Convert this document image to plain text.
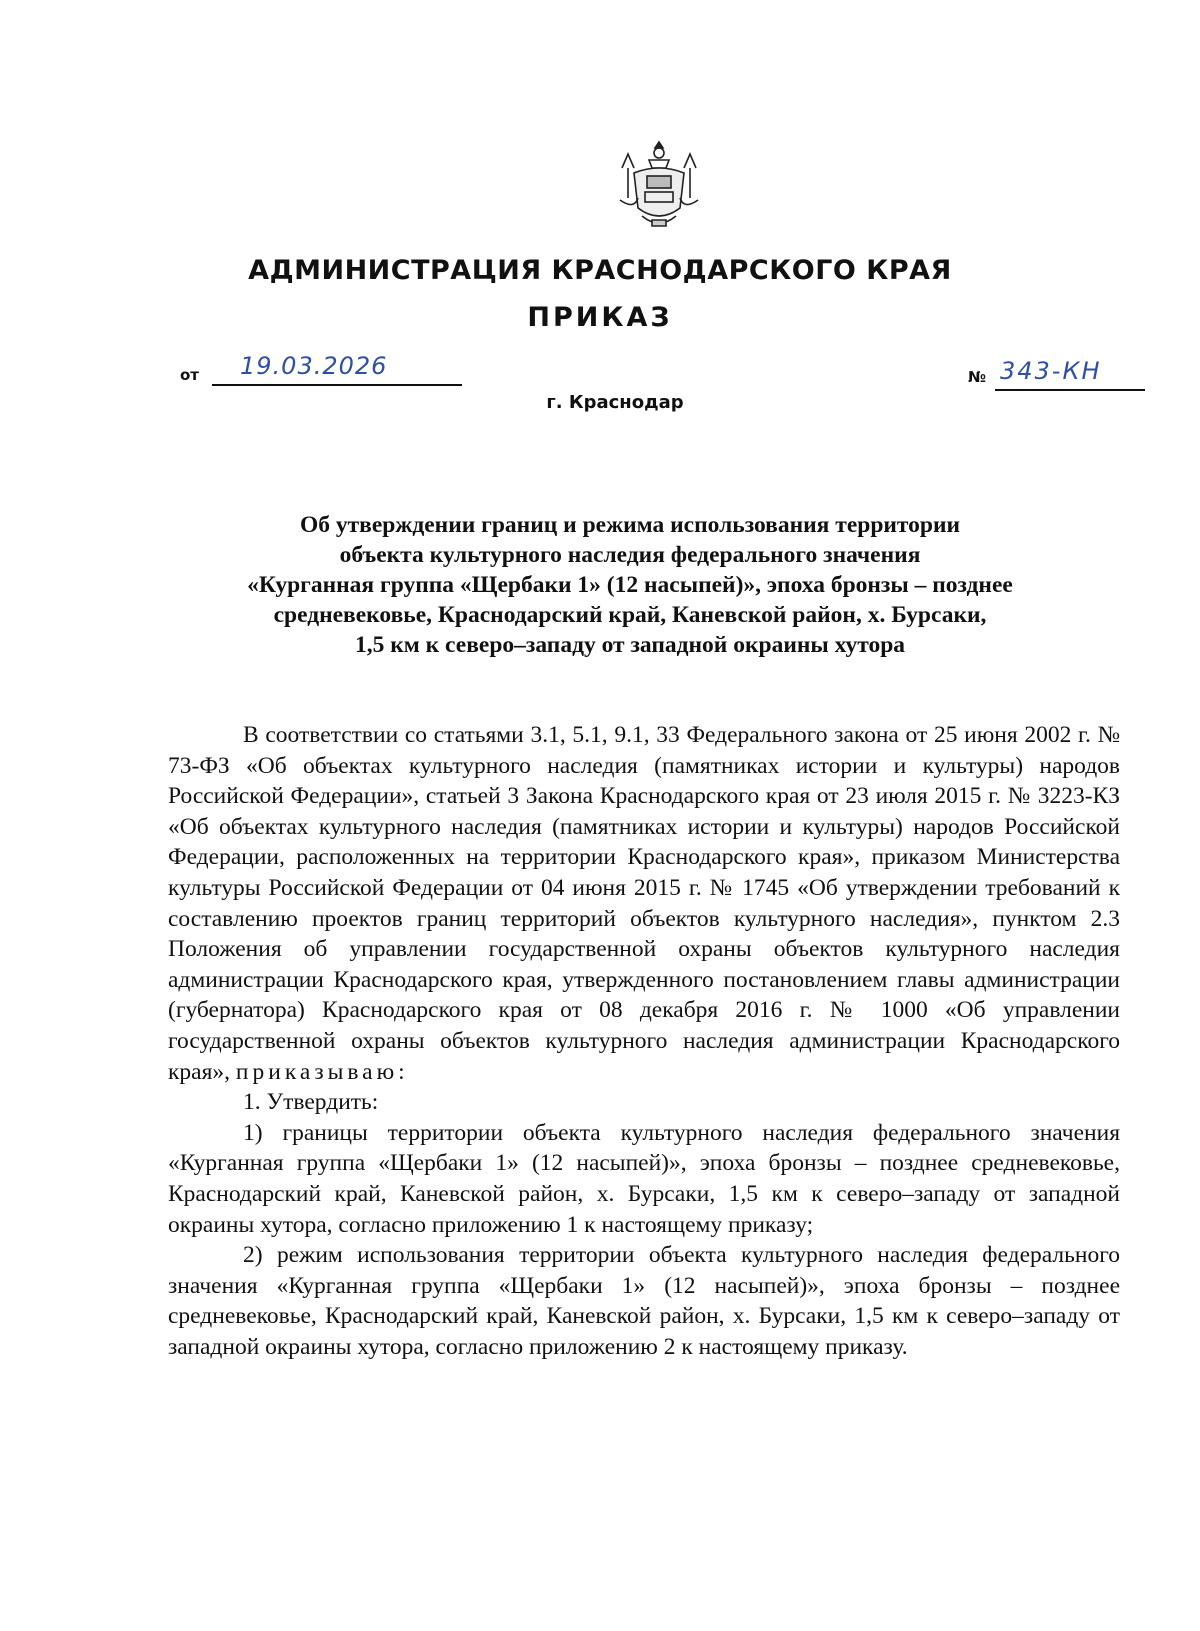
АДМИНИСТРАЦИЯ КРАСНОДАРСКОГО КРАЯ
ПРИКАЗ
от 19.03.2026
г. Краснодар
№ 343-КН
Об утверждении границ и режима использования территории
объекта культурного наследия федерального значения
«Курганная группа «Щербаки 1» (12 насыпей)», эпоха бронзы – позднее
средневековье, Краснодарский край, Каневской район, х. Бурсаки,
1,5 км к северо–западу от западной окраины хутора

В соответствии со статьями 3.1, 5.1, 9.1, 33 Федерального закона от 25 июня 2002 г. № 73-ФЗ «Об объектах культурного наследия (памятниках истории и культуры) народов Российской Федерации», статьей 3 Закона Краснодарского края от 23 июля 2015 г. № 3223-КЗ «Об объектах культурного наследия (памятниках истории и культуры) народов Российской Федерации, расположенных на территории Краснодарского края», приказом Министерства культуры Российской Федерации от 04 июня 2015 г. № 1745 «Об утверждении требований к составлению проектов границ территорий объектов культурного наследия», пунктом 2.3 Положения об управлении государственной охраны объектов культурного наследия администрации Краснодарского края, утвержденного постановлением главы администрации (губернатора) Краснодарского края от 08 декабря 2016 г. № 1000 «Об управлении государственной охраны объектов культурного наследия администрации Краснодарского края», приказываю:

1. Утвердить:

1) границы территории объекта культурного наследия федерального значения «Курганная группа «Щербаки 1» (12 насыпей)», эпоха бронзы – позднее средневековье, Краснодарский край, Каневской район, х. Бурсаки, 1,5 км к северо–западу от западной окраины хутора, согласно приложению 1 к настоящему приказу;

2) режим использования территории объекта культурного наследия федерального значения «Курганная группа «Щербаки 1» (12 насыпей)», эпоха бронзы – позднее средневековье, Краснодарский край, Каневской район, х. Бурсаки, 1,5 км к северо–западу от западной окраины хутора, согласно приложению 2 к настоящему приказу.
